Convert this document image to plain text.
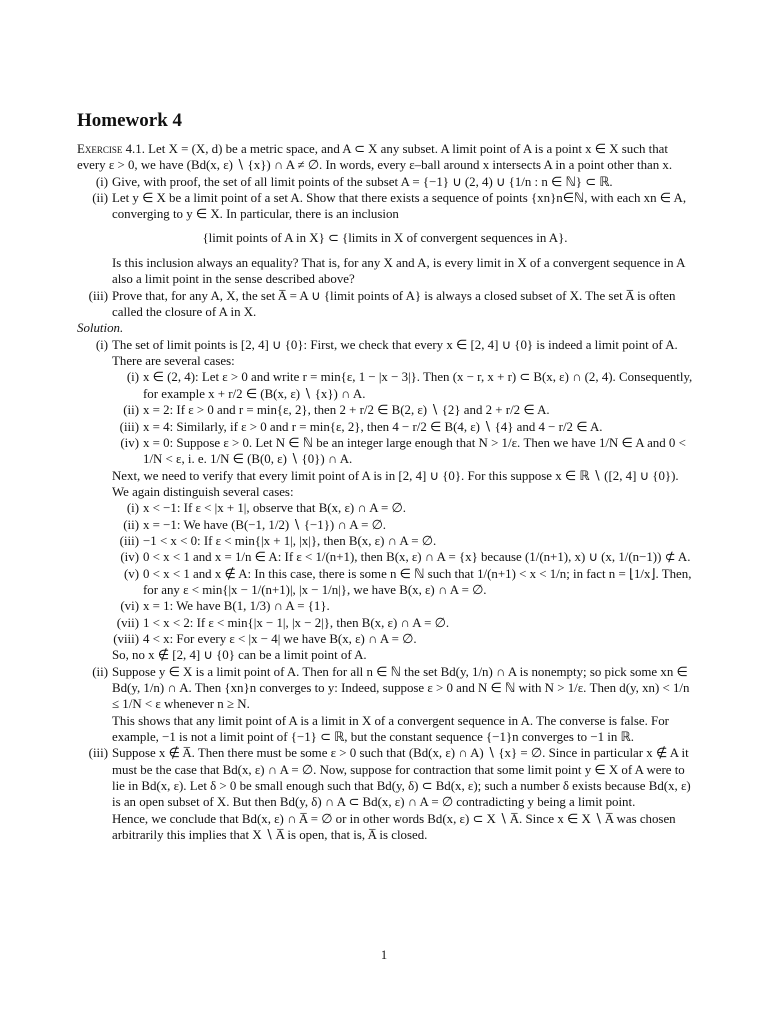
Homework 4

Exercise 4.1. Let X = (X, d) be a metric space, and A ⊂ X any subset. A limit point of A is a point x ∈ X such that every ε > 0, we have (Bd(x, ε) ∖ {x}) ∩ A ≠ ∅. In words, every ε–ball around x intersects A in a point other than x.

(i) Give, with proof, the set of all limit points of the subset A = {−1} ∪ (2, 4) ∪ {1/n : n ∈ ℕ} ⊂ ℝ.
(ii) Let y ∈ X be a limit point of a set A. Show that there exists a sequence of points {xn}n∈ℕ, with each xn ∈ A, converging to y ∈ X. In particular, there is an inclusion

{limit points of A in X} ⊂ {limits in X of convergent sequences in A}.

Is this inclusion always an equality? That is, for any X and A, is every limit in X of a convergent sequence in A also a limit point in the sense described above?

(iii) Prove that, for any A, X, the set A̅ = A ∪ {limit points of A} is always a closed subset of X. The set A̅ is often called the closure of A in X.

Solution.

(i) The set of limit points is [2, 4] ∪ {0}: First, we check that every x ∈ [2, 4] ∪ {0} is indeed a limit point of A. There are several cases:
(i) x ∈ (2, 4): Let ε > 0 and write r = min{ε, 1 − |x − 3|}. Then (x − r, x + r) ⊂ B(x, ε) ∩ (2, 4). Consequently, for example x + r/2 ∈ (B(x, ε) ∖ {x}) ∩ A.
(ii) x = 2: If ε > 0 and r = min{ε, 2}, then 2 + r/2 ∈ B(2, ε) ∖ {2} and 2 + r/2 ∈ A.
(iii) x = 4: Similarly, if ε > 0 and r = min{ε, 2}, then 4 − r/2 ∈ B(4, ε) ∖ {4} and 4 − r/2 ∈ A.
(iv) x = 0: Suppose ε > 0. Let N ∈ ℕ be an integer large enough that N > 1/ε. Then we have 1/N ∈ A and 0 < 1/N < ε, i. e. 1/N ∈ (B(0, ε) ∖ {0}) ∩ A.

Next, we need to verify that every limit point of A is in [2, 4] ∪ {0}. For this suppose x ∈ ℝ ∖ ([2, 4] ∪ {0}). We again distinguish several cases:

(i) x < −1: If ε < |x + 1|, observe that B(x, ε) ∩ A = ∅.
(ii) x = −1: We have (B(−1, 1/2) ∖ {−1}) ∩ A = ∅.
(iii) −1 < x < 0: If ε < min{|x + 1|, |x|}, then B(x, ε) ∩ A = ∅.
(iv) 0 < x < 1 and x = 1/n ∈ A: If ε < 1/(n+1), then B(x, ε) ∩ A = {x} because (1/(n+1), x) ∪ (x, 1/(n−1)) ⊄ A.
(v) 0 < x < 1 and x ∉ A: In this case, there is some n ∈ ℕ such that 1/(n+1) < x < 1/n; in fact n = ⌊1/x⌋. Then, for any ε < min{|x − 1/(n+1)|, |x − 1/n|}, we have B(x, ε) ∩ A = ∅.
(vi) x = 1: We have B(1, 1/3) ∩ A = {1}.
(vii) 1 < x < 2: If ε < min{|x − 1|, |x − 2|}, then B(x, ε) ∩ A = ∅.
(viii) 4 < x: For every ε < |x − 4| we have B(x, ε) ∩ A = ∅.

So, no x ∉ [2, 4] ∪ {0} can be a limit point of A.

(ii) Suppose y ∈ X is a limit point of A. Then for all n ∈ ℕ the set Bd(y, 1/n) ∩ A is nonempty; so pick some xn ∈ Bd(y, 1/n) ∩ A. Then {xn}n converges to y: Indeed, suppose ε > 0 and N ∈ ℕ with N > 1/ε. Then d(y, xn) < 1/n ≤ 1/N < ε whenever n ≥ N.

This shows that any limit point of A is a limit in X of a convergent sequence in A. The converse is false. For example, −1 is not a limit point of {−1} ⊂ ℝ, but the constant sequence {−1}n converges to −1 in ℝ.

(iii) Suppose x ∉ A̅. Then there must be some ε > 0 such that (Bd(x, ε) ∩ A) ∖ {x} = ∅. Since in particular x ∉ A it must be the case that Bd(x, ε) ∩ A = ∅. Now, suppose for contraction that some limit point y ∈ X of A were to lie in Bd(x, ε). Let δ > 0 be small enough such that Bd(y, δ) ⊂ Bd(x, ε); such a number δ exists because Bd(x, ε) is an open subset of X. But then Bd(y, δ) ∩ A ⊂ Bd(x, ε) ∩ A = ∅ contradicting y being a limit point.

Hence, we conclude that Bd(x, ε) ∩ A̅ = ∅ or in other words Bd(x, ε) ⊂ X ∖ A̅. Since x ∈ X ∖ A̅ was chosen arbitrarily this implies that X ∖ A̅ is open, that is, A̅ is closed.

1
